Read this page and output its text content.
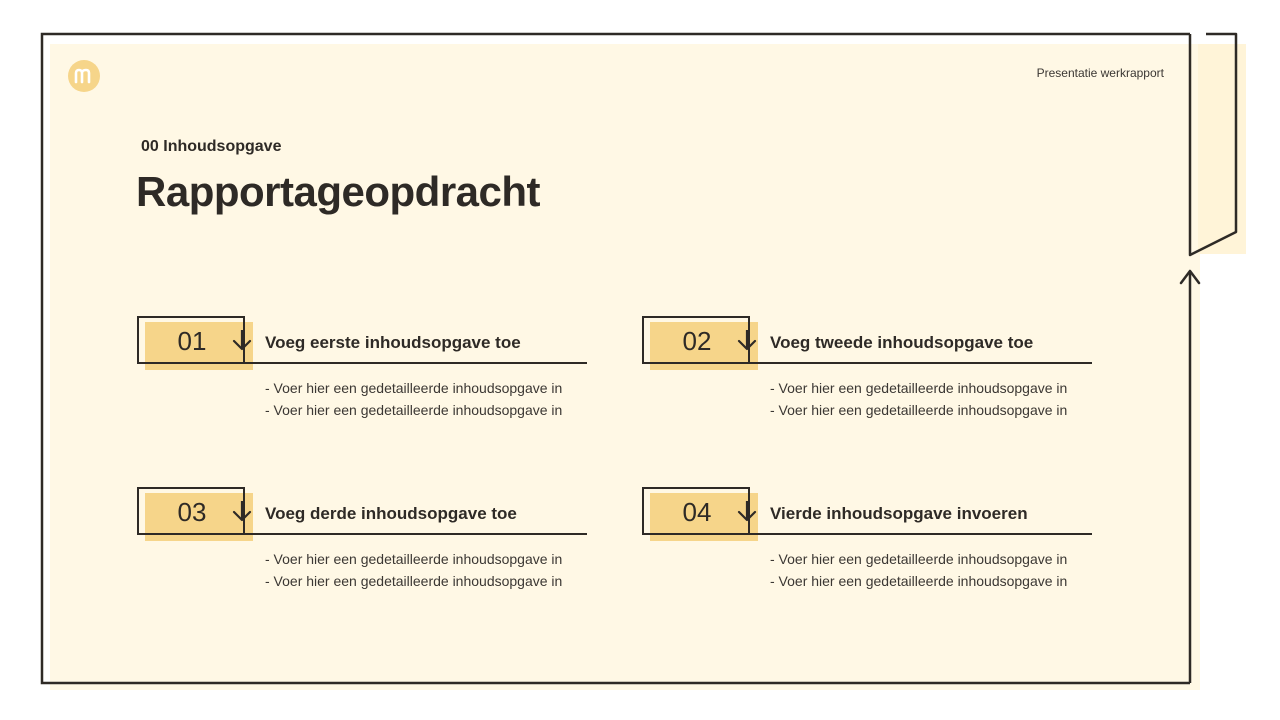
Presentatie werkrapport
00 Inhoudsopgave
Rapportageopdracht
01	Voeg eerste inhoudsopgave toe
- Voer hier een gedetailleerde inhoudsopgave in
- Voer hier een gedetailleerde inhoudsopgave in
02	Voeg tweede inhoudsopgave toe
- Voer hier een gedetailleerde inhoudsopgave in
- Voer hier een gedetailleerde inhoudsopgave in
03	Voeg derde inhoudsopgave toe
- Voer hier een gedetailleerde inhoudsopgave in
- Voer hier een gedetailleerde inhoudsopgave in
04	Vierde inhoudsopgave invoeren
- Voer hier een gedetailleerde inhoudsopgave in
- Voer hier een gedetailleerde inhoudsopgave in
